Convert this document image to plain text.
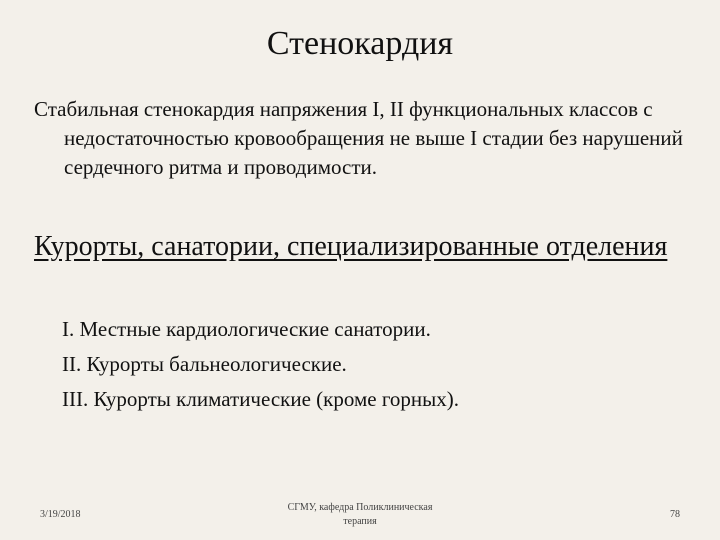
Стенокардия
Стабильная стенокардия напряжения I, II функциональных классов с недостаточностью кровообращения не выше I стадии без нарушений сердечного ритма и проводимости.
Курорты, санатории, специализированные отделения
I. Местные кардиологические санатории.
II. Курорты бальнеологические.
III. Курорты климатические (кроме горных).
3/19/2018
СГМУ, кафедра Поликлиническая
терапия
78
